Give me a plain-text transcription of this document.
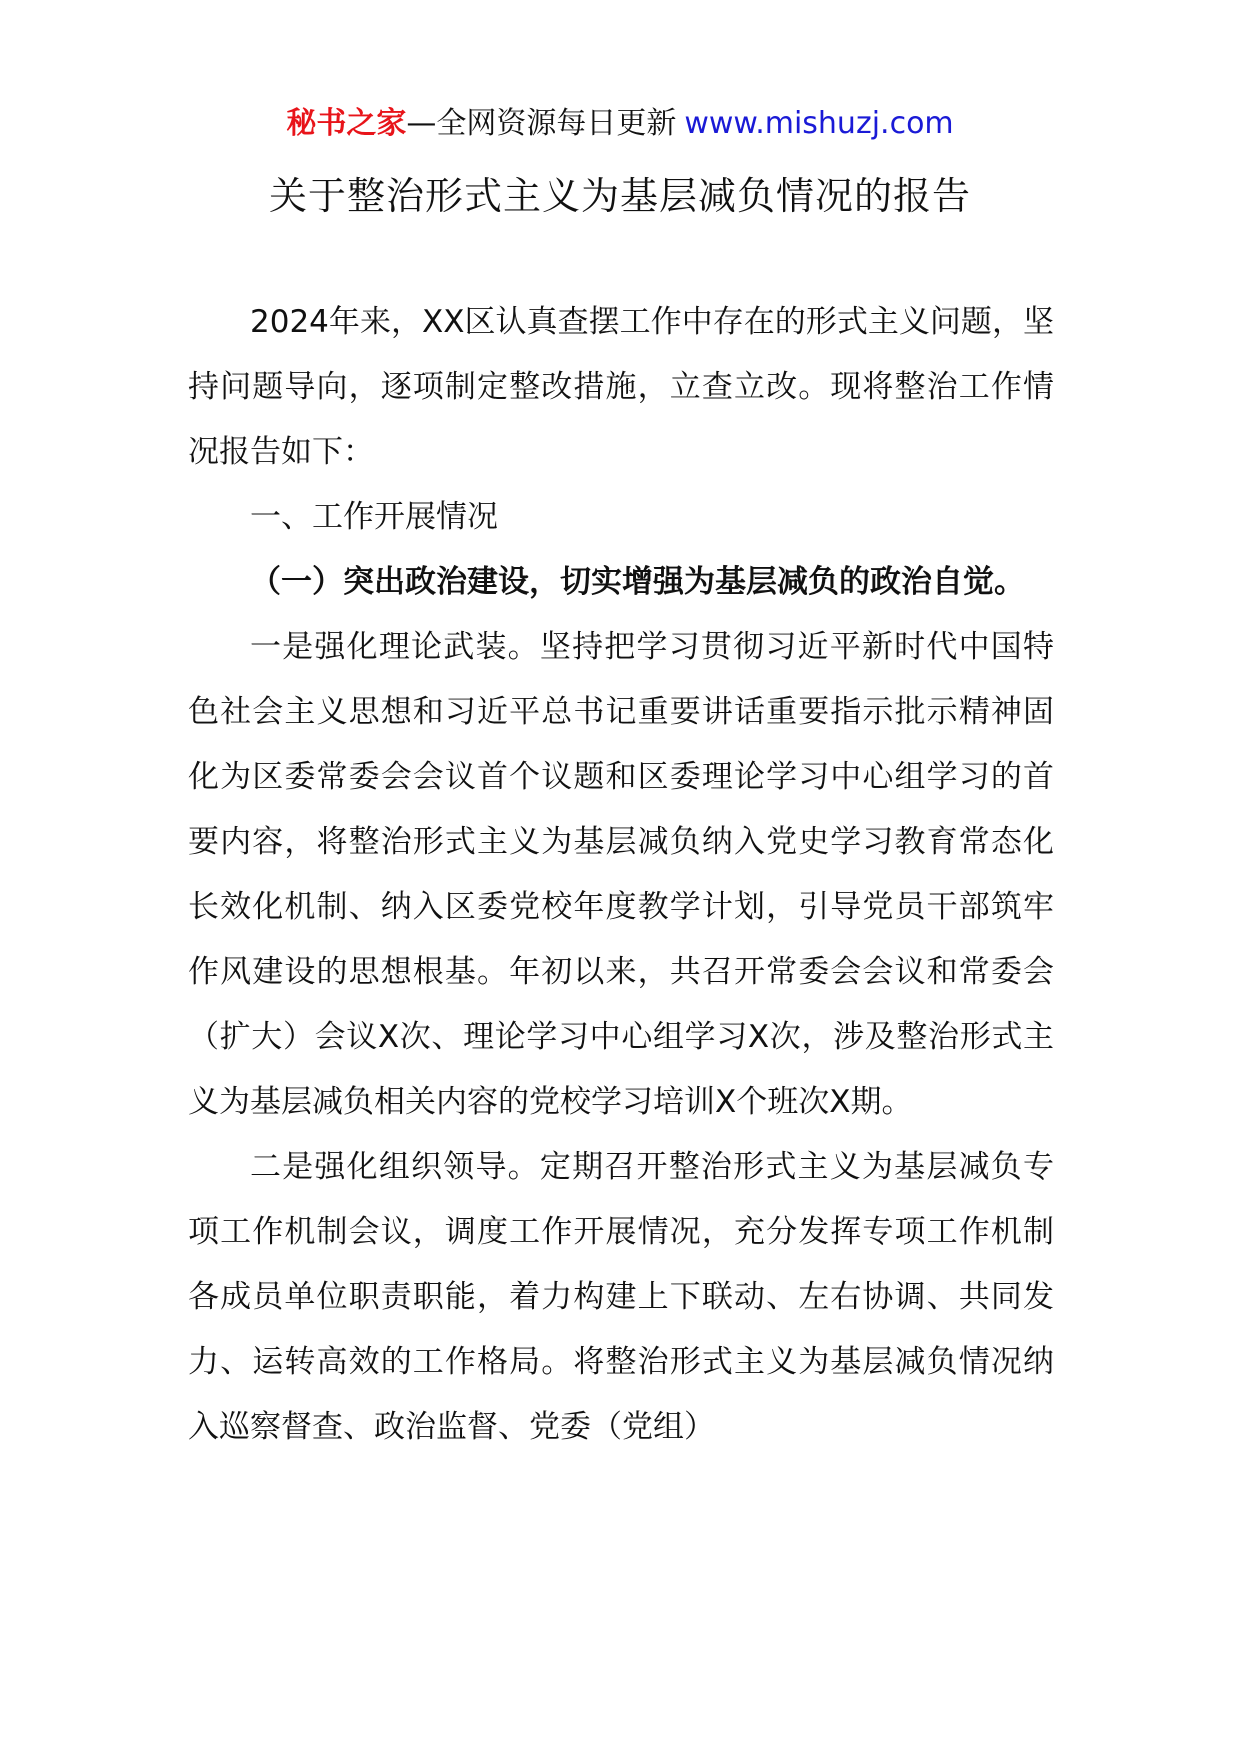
秘书之家—全网资源每日更新 www.mishuzj.com
关于整治形式主义为基层减负情况的报告

2024年来，XX区认真查摆工作中存在的形式主义问题，坚持问题导向，逐项制定整改措施，立查立改。现将整治工作情况报告如下：

一、工作开展情况

（一）突出政治建设，切实增强为基层减负的政治自觉。

一是强化理论武装。坚持把学习贯彻习近平新时代中国特色社会主义思想和习近平总书记重要讲话重要指示批示精神固化为区委常委会会议首个议题和区委理论学习中心组学习的首要内容，将整治形式主义为基层减负纳入党史学习教育常态化长效化机制、纳入区委党校年度教学计划，引导党员干部筑牢作风建设的思想根基。年初以来，共召开常委会会议和常委会（扩大）会议X次、理论学习中心组学习X次，涉及整治形式主义为基层减负相关内容的党校学习培训X个班次X期。

二是强化组织领导。定期召开整治形式主义为基层减负专项工作机制会议，调度工作开展情况，充分发挥专项工作机制各成员单位职责职能，着力构建上下联动、左右协调、共同发力、运转高效的工作格局。将整治形式主义为基层减负情况纳入巡察督查、政治监督、党委（党组）
